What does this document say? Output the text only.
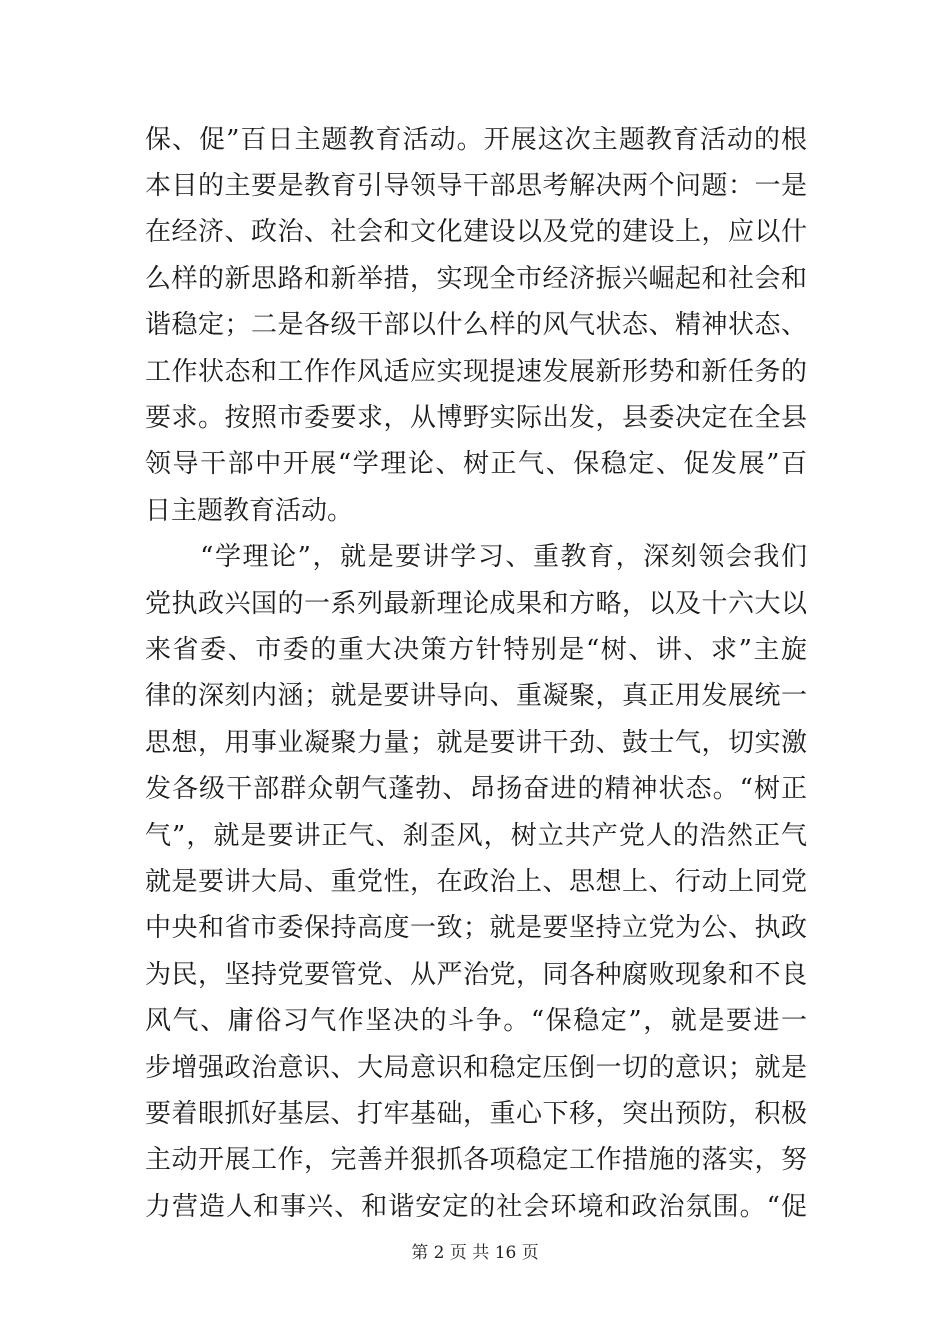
保、促”百日主题教育活动。开展这次主题教育活动的根
本目的主要是教育引导领导干部思考解决两个问题：一是
在经济、政治、社会和文化建设以及党的建设上，应以什
么样的新思路和新举措，实现全市经济振兴崛起和社会和
谐稳定；二是各级干部以什么样的风气状态、精神状态、
工作状态和工作作风适应实现提速发展新形势和新任务的
要求。按照市委要求，从博野实际出发，县委决定在全县
领导干部中开展“学理论、树正气、保稳定、促发展”百
日主题教育活动。
　　“学理论”，就是要讲学习、重教育，深刻领会我们
党执政兴国的一系列最新理论成果和方略，以及十六大以
来省委、市委的重大决策方针特别是“树、讲、求”主旋
律的深刻内涵；就是要讲导向、重凝聚，真正用发展统一
思想，用事业凝聚力量；就是要讲干劲、鼓士气，切实激
发各级干部群众朝气蓬勃、昂扬奋进的精神状态。“树正
气”，就是要讲正气、刹歪风，树立共产党人的浩然正气
就是要讲大局、重党性，在政治上、思想上、行动上同党
中央和省市委保持高度一致；就是要坚持立党为公、执政
为民，坚持党要管党、从严治党，同各种腐败现象和不良
风气、庸俗习气作坚决的斗争。“保稳定”，就是要进一
步增强政治意识、大局意识和稳定压倒一切的意识；就是
要着眼抓好基层、打牢基础，重心下移，突出预防，积极
主动开展工作，完善并狠抓各项稳定工作措施的落实，努
力营造人和事兴、和谐安定的社会环境和政治氛围。“促
第 2 页 共 16 页
